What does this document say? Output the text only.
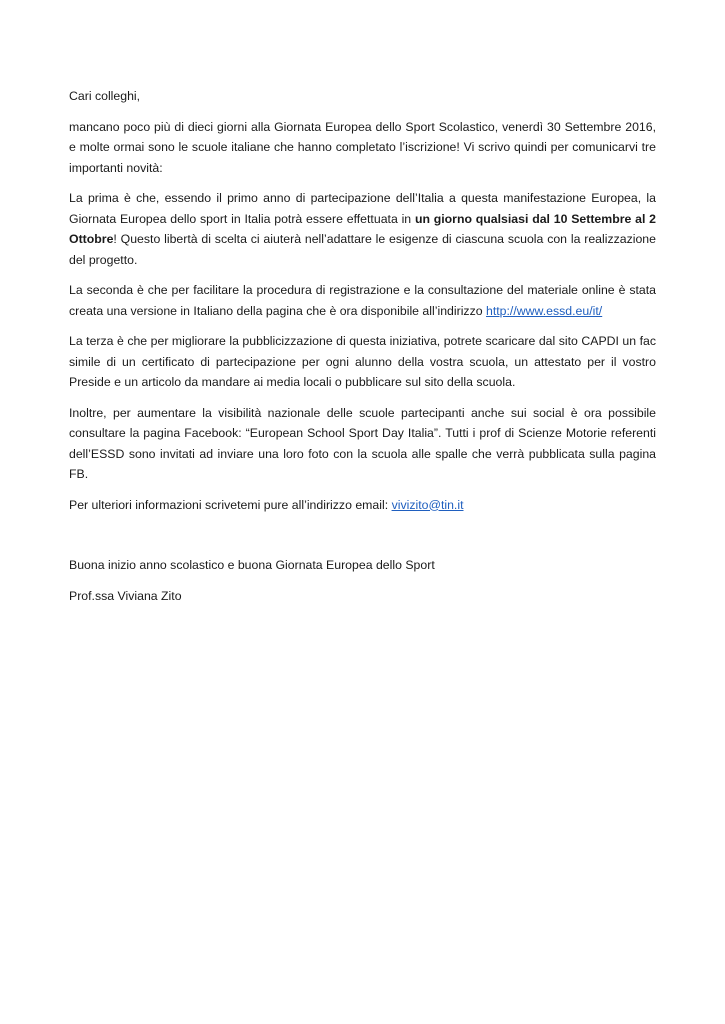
Cari colleghi,

mancano poco più di dieci giorni alla Giornata Europea dello Sport Scolastico, venerdì 30 Settembre 2016, e molte ormai sono le scuole italiane che hanno completato l’iscrizione! Vi scrivo quindi per comunicarvi tre importanti novità:

La prima è che, essendo il primo anno di partecipazione dell’Italia a questa manifestazione Europea, la Giornata Europea dello sport in Italia potrà essere effettuata in un giorno qualsiasi dal 10 Settembre al 2 Ottobre! Questo libertà di scelta ci aiuterà nell’adattare le esigenze di ciascuna scuola con la realizzazione del progetto.

La seconda è che per facilitare la procedura di registrazione e la consultazione del materiale online è stata creata una versione in Italiano della pagina che è ora disponibile all’indirizzo http://www.essd.eu/it/

La terza è che per migliorare la pubblicizzazione di questa iniziativa, potrete scaricare dal sito CAPDI un fac simile di un certificato di partecipazione per ogni alunno della vostra scuola, un attestato per il vostro Preside e un articolo da mandare ai media locali o pubblicare sul sito della scuola.

Inoltre, per aumentare la visibilità nazionale delle scuole partecipanti anche sui social è ora possibile consultare la pagina Facebook: “European School Sport Day Italia”. Tutti i prof di Scienze Motorie referenti dell’ESSD sono invitati ad inviare una loro foto con la scuola alle spalle che verrà pubblicata sulla pagina FB.

Per ulteriori informazioni scrivetemi pure all’indirizzo email: vivizito@tin.it

Buona inizio anno scolastico e buona Giornata Europea dello Sport

Prof.ssa Viviana Zito
